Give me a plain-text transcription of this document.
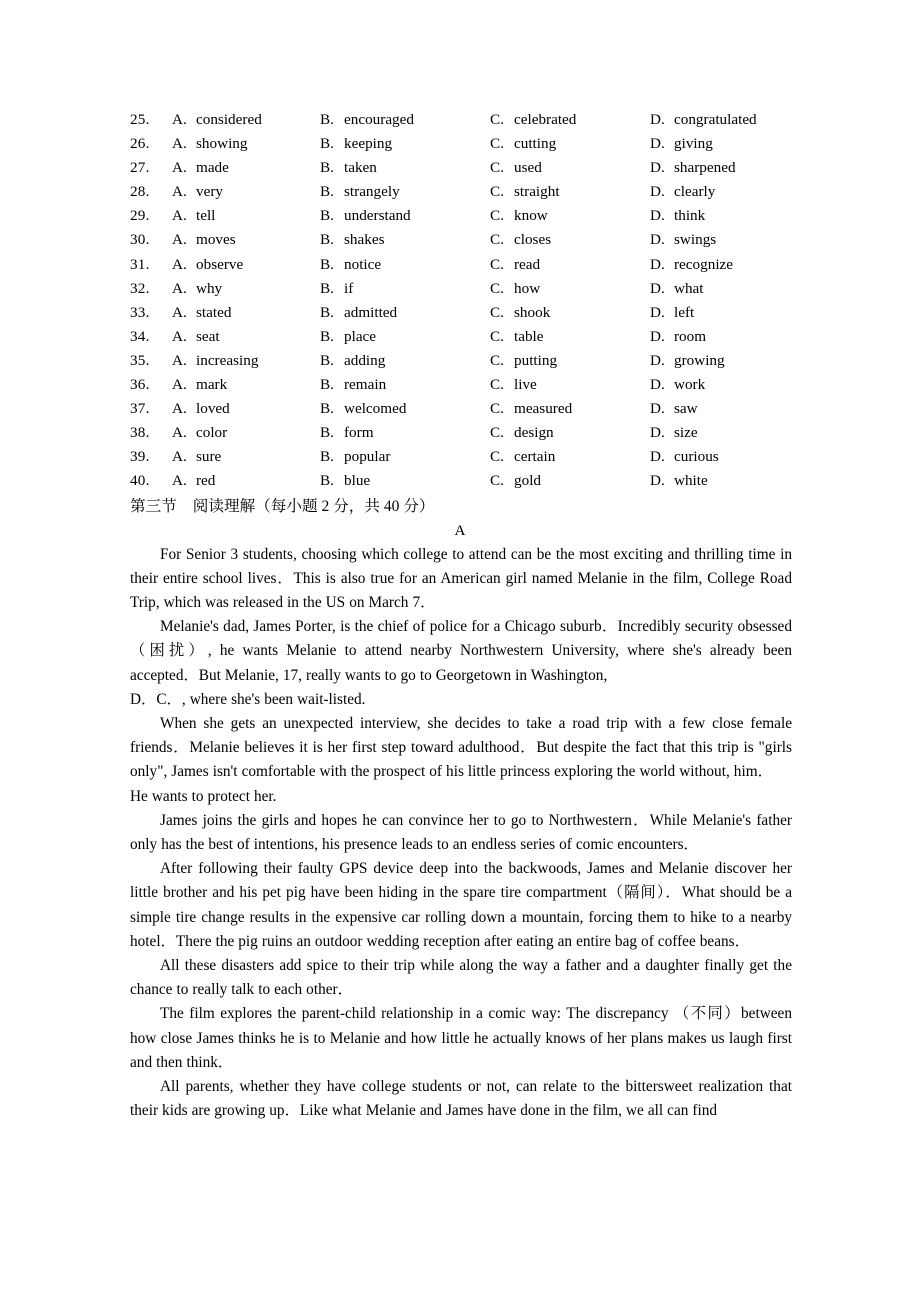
25.	A. considered	B. encouraged	C. celebrated	D. congratulated
26.	A. showing	B. keeping	C. cutting	D. giving
27.	A. made	B. taken	C. used	D. sharpened
28.	A. very	B. strangely	C. straight	D. clearly
29.	A. tell	B. understand	C. know	D. think
30.	A. moves	B. shakes	C. closes	D. swings
31.	A. observe	B. notice	C. read	D. recognize
32.	A. why	B. if	C. how	D. what
33.	A. stated	B. admitted	C. shook	D. left
34.	A. seat	B. place	C. table	D. room
35.	A. increasing	B. adding	C. putting	D. growing
36.	A. mark	B. remain	C. live	D. work
37.	A. loved	B. welcomed	C. measured	D. saw
38.	A. color	B. form	C. design	D. size
39.	A. sure	B. popular	C. certain	D. curious
40.	A. red	B. blue	C. gold	D. white
第三节 阅读理解（每小题 2 分，共 40 分）
A

For Senior 3 students, choosing which college to attend can be the most exciting and thrilling time in their entire school lives．This is also true for an American girl named Melanie in the film, College Road Trip, which was released in the US on March 7．

Melanie's dad, James Porter, is the chief of police for a Chicago suburb．Incredibly security obsessed（困扰）, he wants Melanie to attend nearby Northwestern University, where she's already been accepted．But Melanie, 17, really wants to go to Georgetown in Washington,

D．C．, where she's been wait-listed.

When she gets an unexpected interview, she decides to take a road trip with a few close female friends．Melanie believes it is her first step toward adulthood．But despite the fact that this trip is "girls only", James isn't comfortable with the prospect of his little princess exploring the world without, him．

He wants to protect her.

James joins the girls and hopes he can convince her to go to Northwestern．While Melanie's father only has the best of intentions, his presence leads to an endless series of comic encounters．

After following their faulty GPS device deep into the backwoods, James and Melanie discover her little brother and his pet pig have been hiding in the spare tire compartment（隔间）．What should be a simple tire change results in the expensive car rolling down a mountain, forcing them to hike to a nearby hotel．There the pig ruins an outdoor wedding reception after eating an entire bag of coffee beans．

All these disasters add spice to their trip while along the way a father and a daughter finally get the chance to really talk to each other．

The film explores the parent-child relationship in a comic way: The discrepancy （不同）between how close James thinks he is to Melanie and how little he actually knows of her plans makes us laugh first and then think．

All parents, whether they have college students or not, can relate to the bittersweet realization that their kids are growing up．Like what Melanie and James have done in the film, we all can find
